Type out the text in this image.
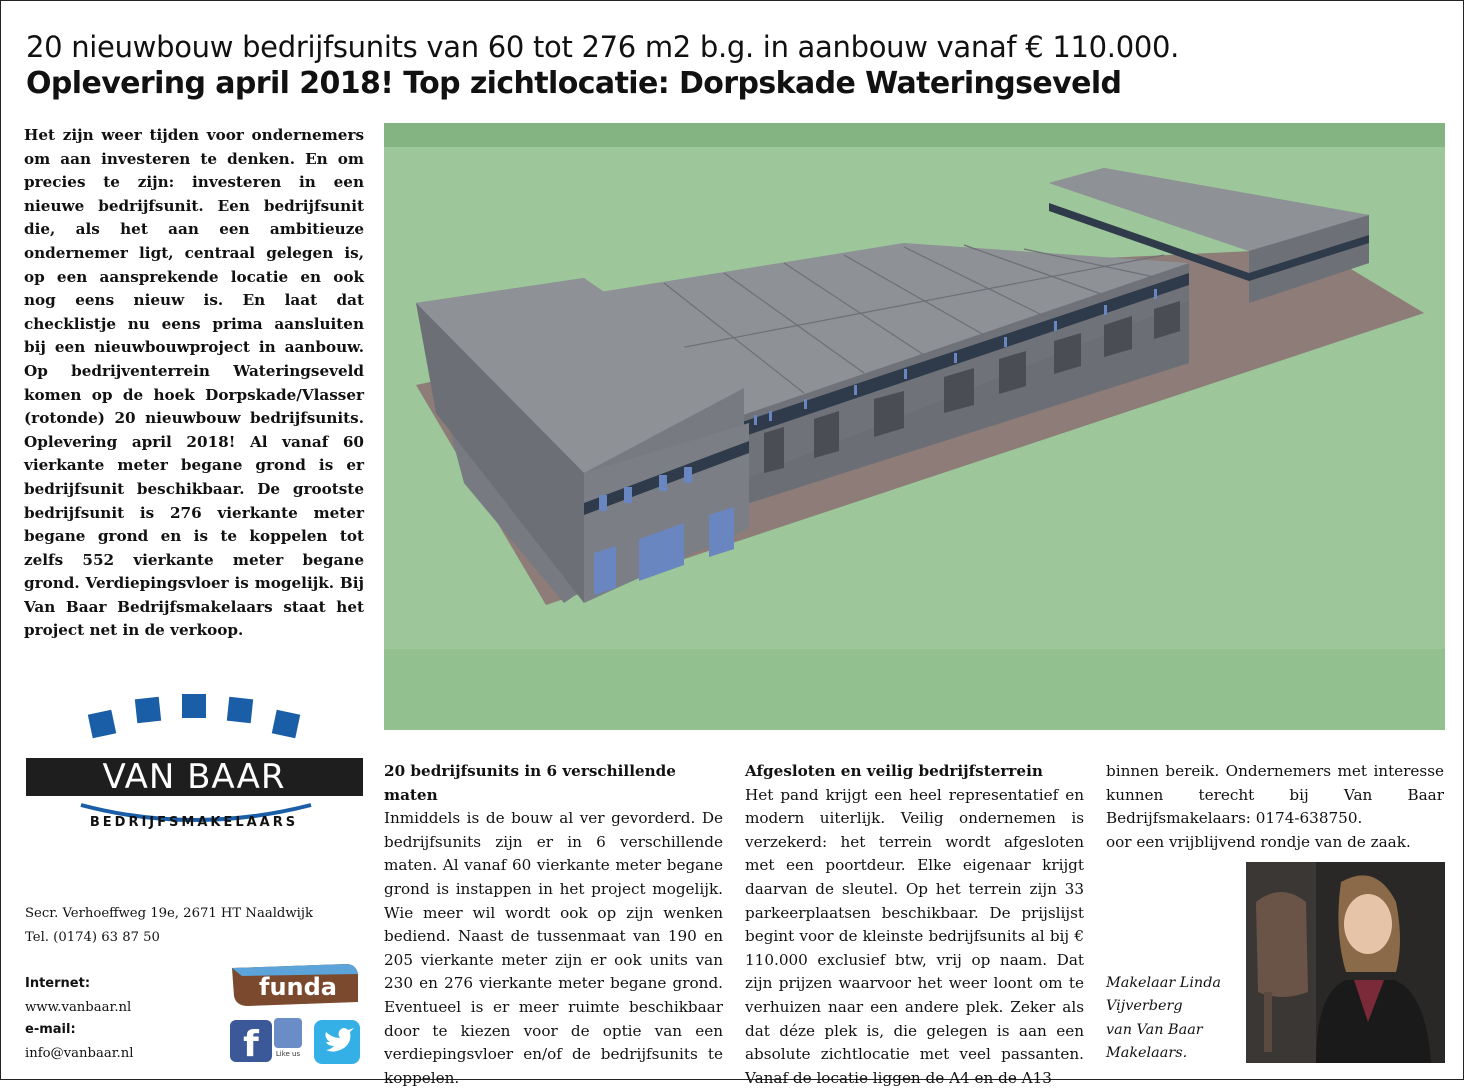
20 nieuwbouw bedrijfsunits van 60 tot 276 m2 b.g. in aanbouw vanaf € 110.000.
Oplevering april 2018! Top zichtlocatie: Dorpskade Wateringseveld
Het zijn weer tijden voor ondernemers om aan investeren te denken. En om precies te zijn: investeren in een nieuwe bedrijfsunit. Een bedrijfsunit die, als het aan een ambitieuze ondernemer ligt, centraal gelegen is, op een aansprekende locatie en ook nog eens nieuw is. En laat dat checklistje nu eens prima aansluiten bij een nieuwbouwproject in aanbouw. Op bedrijventerrein Wateringseveld komen op de hoek Dorpskade/Vlasser (rotonde) 20 nieuwbouw bedrijfsunits. Oplevering april 2018! Al vanaf 60 vierkante meter begane grond is er bedrijfsunit beschikbaar. De grootste bedrijfsunit is 276 vierkante meter begane grond en is te koppelen tot zelfs 552 vierkante meter begane grond. Verdiepingsvloer is mogelijk. Bij Van Baar Bedrijfsmakelaars staat het project net in de verkoop.
VAN BAAR
BEDRIJFSMAKELAARS
Secr. Verhoeffweg 19e, 2671 HT Naaldwijk
Tel. (0174) 63 87 50
Internet:
www.vanbaar.nl
e-mail:
info@vanbaar.nl
funda
f Like us
20 bedrijfsunits in 6 verschillende maten

Inmiddels is de bouw al ver gevorderd. De bedrijfsunits zijn er in 6 verschillende maten. Al vanaf 60 vierkante meter begane grond is instappen in het project mogelijk. Wie meer wil wordt ook op zijn wenken bediend. Naast de tussenmaat van 190 en 205 vierkante meter zijn er ook units van 230 en 276 vierkante meter begane grond. Eventueel is er meer ruimte beschikbaar door te kiezen voor de optie van een verdiepingsvloer en/of de bedrijfsunits te koppelen.

Afgesloten en veilig bedrijfsterrein

Het pand krijgt een heel representatief en modern uiterlijk. Veilig ondernemen is verzekerd: het terrein wordt afgesloten met een poortdeur. Elke eigenaar krijgt daarvan de sleutel. Op het terrein zijn 33 parkeerplaatsen beschikbaar. De prijslijst begint voor de kleinste bedrijfsunits al bij € 110.000 exclusief btw, vrij op naam. Dat zijn prijzen waarvoor het weer loont om te verhuizen naar een andere plek. Zeker als dat déze plek is, die gelegen is aan een absolute zichtlocatie met veel passanten. Vanaf de locatie liggen de A4 en de A13

binnen bereik. Ondernemers met interesse kunnen terecht bij Van Baar Bedrijfsmakelaars: 0174-638750.

oor een vrijblijvend rondje van de zaak.

Makelaar Linda
Vijverberg
van Van Baar
Makelaars.
